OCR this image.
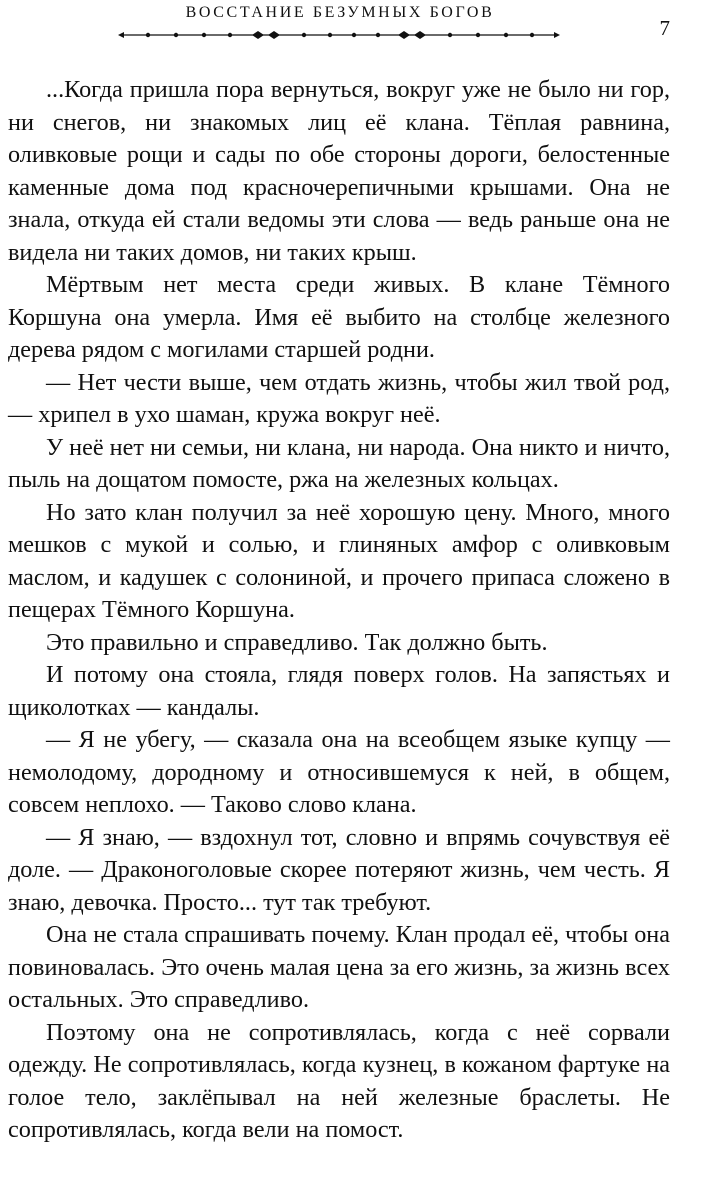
ВОССТАНИЕ БЕЗУМНЫХ БОГОВ
7

...Когда пришла пора вернуться, вокруг уже не было ни гор, ни снегов, ни знакомых лиц её клана. Тёплая равнина, оливковые рощи и сады по обе стороны дороги, белостенные каменные дома под красночерепичными крышами. Она не знала, откуда ей стали ведомы эти слова — ведь раньше она не видела ни таких домов, ни таких крыш.

Мёртвым нет места среди живых. В клане Тёмного Коршуна она умерла. Имя её выбито на столбце железного дерева рядом с могилами старшей родни.

— Нет чести выше, чем отдать жизнь, чтобы жил твой род, — хрипел в ухо шаман, кружа вокруг неё.

У неё нет ни семьи, ни клана, ни народа. Она никто и ничто, пыль на дощатом помосте, ржа на железных кольцах.

Но зато клан получил за неё хорошую цену. Много, много мешков с мукой и солью, и глиняных амфор с оливковым маслом, и кадушек с солониной, и прочего припаса сложено в пещерах Тёмного Коршуна.

Это правильно и справедливо. Так должно быть.

И потому она стояла, глядя поверх голов. На запястьях и щиколотках — кандалы.

— Я не убегу, — сказала она на всеобщем языке купцу — немолодому, дородному и относившемуся к ней, в общем, совсем неплохо. — Таково слово клана.

— Я знаю, — вздохнул тот, словно и впрямь сочувствуя её доле. — Драконоголовые скорее потеряют жизнь, чем честь. Я знаю, девочка. Просто... тут так требуют.

Она не стала спрашивать почему. Клан продал её, чтобы она повиновалась. Это очень малая цена за его жизнь, за жизнь всех остальных. Это справедливо.

Поэтому она не сопротивлялась, когда с неё сорвали одежду. Не сопротивлялась, когда кузнец, в кожаном фартуке на голое тело, заклёпывал на ней железные браслеты. Не сопротивлялась, когда вели на помост.
